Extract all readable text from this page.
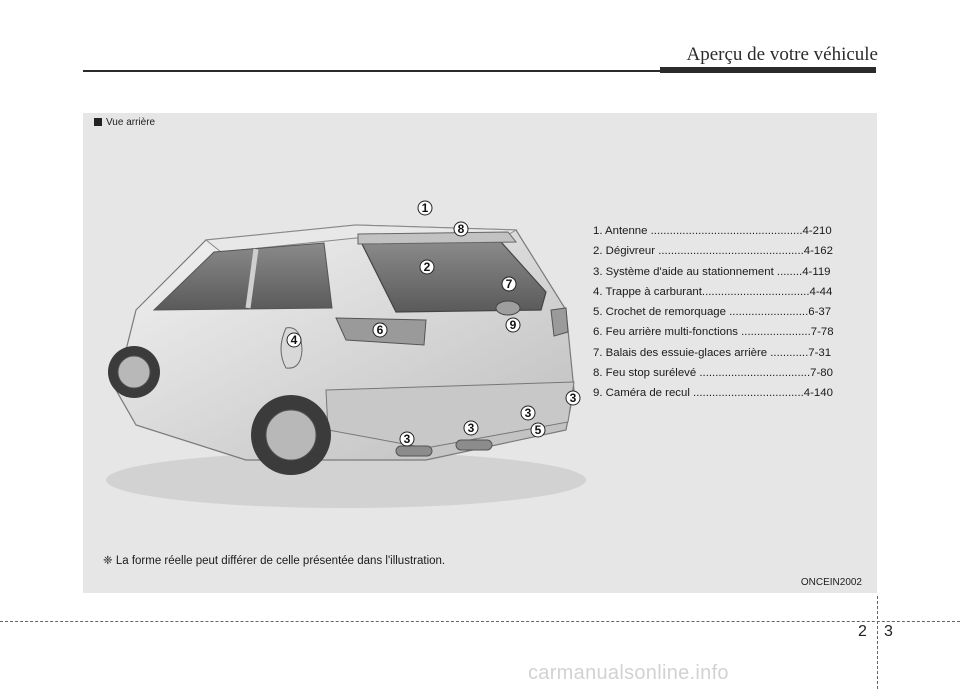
Aperçu de votre véhicule
Vue arrière
1
8
2
7
9
6
4
3
3
3
3
5
1. Antenne ................................................4-210
2. Dégivreur ..............................................4-162
3. Système d'aide au stationnement ........4-119
4. Trappe à carburant..................................4-44
5. Crochet de remorquage .........................6-37
6. Feu arrière multi-fonctions ......................7-78
7. Balais des essuie-glaces arrière ............7-31
8. Feu stop surélevé ...................................7-80
9. Caméra de recul ...................................4-140
❈ La forme réelle peut différer de celle présentée dans l'illustration.
ONCEIN2002
2 3
carmanualsonline.info
